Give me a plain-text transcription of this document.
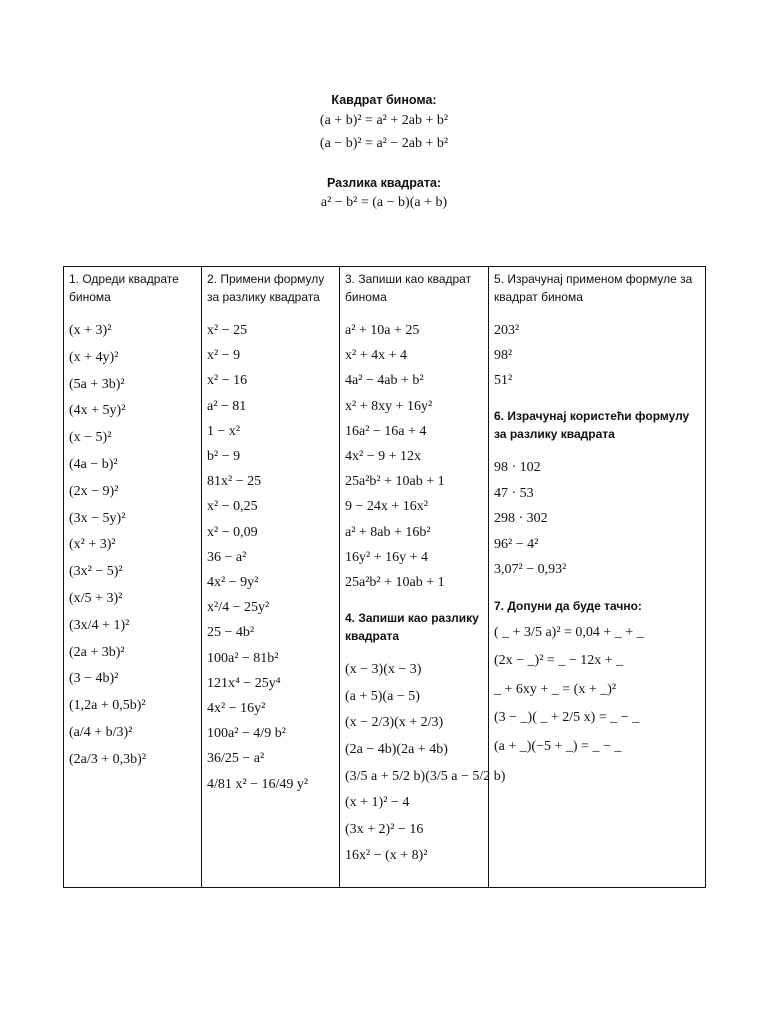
Кавдрат бинома:
(a + b)² = a² + 2ab + b²
(a − b)² = a² − 2ab + b²
Разлика квадрата:
a² − b² = (a − b)(a + b)
1. Одреди квадрате бинома
(x + 3)²
(x + 4y)²
(5a + 3b)²
(4x + 5y)²
(x − 5)²
(4a − b)²
(2x − 9)²
(3x − 5y)²
(x² + 3)²
(3x² − 5)²
(x/5 + 3)²
(3x/4 + 1)²
(2a + 3b)²
(3 − 4b)²
(1,2a + 0,5b)²
(a/4 + b/3)²
(2a/3 + 0,3b)²

2. Примени формулу за разлику квадрата
x² − 25
x² − 9
x² − 16
a² − 81
1 − x²
b² − 9
81x² − 25
x² − 0,25
x² − 0,09
36 − a²
4x² − 9y²
x²/4 − 25y²
25 − 4b²
100a² − 81b²
121x⁴ − 25y⁴
4x² − 16y²
100a² − 4/9 b²
36/25 − a²
4/81 x² − 16/49 y²

3. Запиши као квадрат бинома
a² + 10a + 25
x² + 4x + 4
4a² − 4ab + b²
x² + 8xy + 16y²
16a² − 16a + 4
4x² − 9 + 12x
25a²b² + 10ab + 1
9 − 24x + 16x²
a² + 8ab + 16b²
16y² + 16y + 4
25a²b² + 10ab + 1
4. Запиши као разлику квадрата
(x − 3)(x − 3)
(a + 5)(a − 5)
(x − 2/3)(x + 2/3)
(2a − 4b)(2a + 4b)
(3/5 a + 5/2 b)(3/5 a − 5/2 b)
(x + 1)² − 4
(3x + 2)² − 16
16x² − (x + 8)²

5. Израчунај применом формуле за квадрат бинома
203²
98²
51²
6. Израчунај користећи формулу за разлику квадрата
98 · 102
47 · 53
298 · 302
96² − 4²
3,07² − 0,93²
7. Допуни да буде тачно:
( _ + 3/5 a)² = 0,04 + _ + _
(2x − _)² = _ − 12x + _
_ + 6xy + _ = (x + _)²
(3 − _)( _ + 2/5 x) = _ − _
(a + _)(−5 + _) = _ − _
